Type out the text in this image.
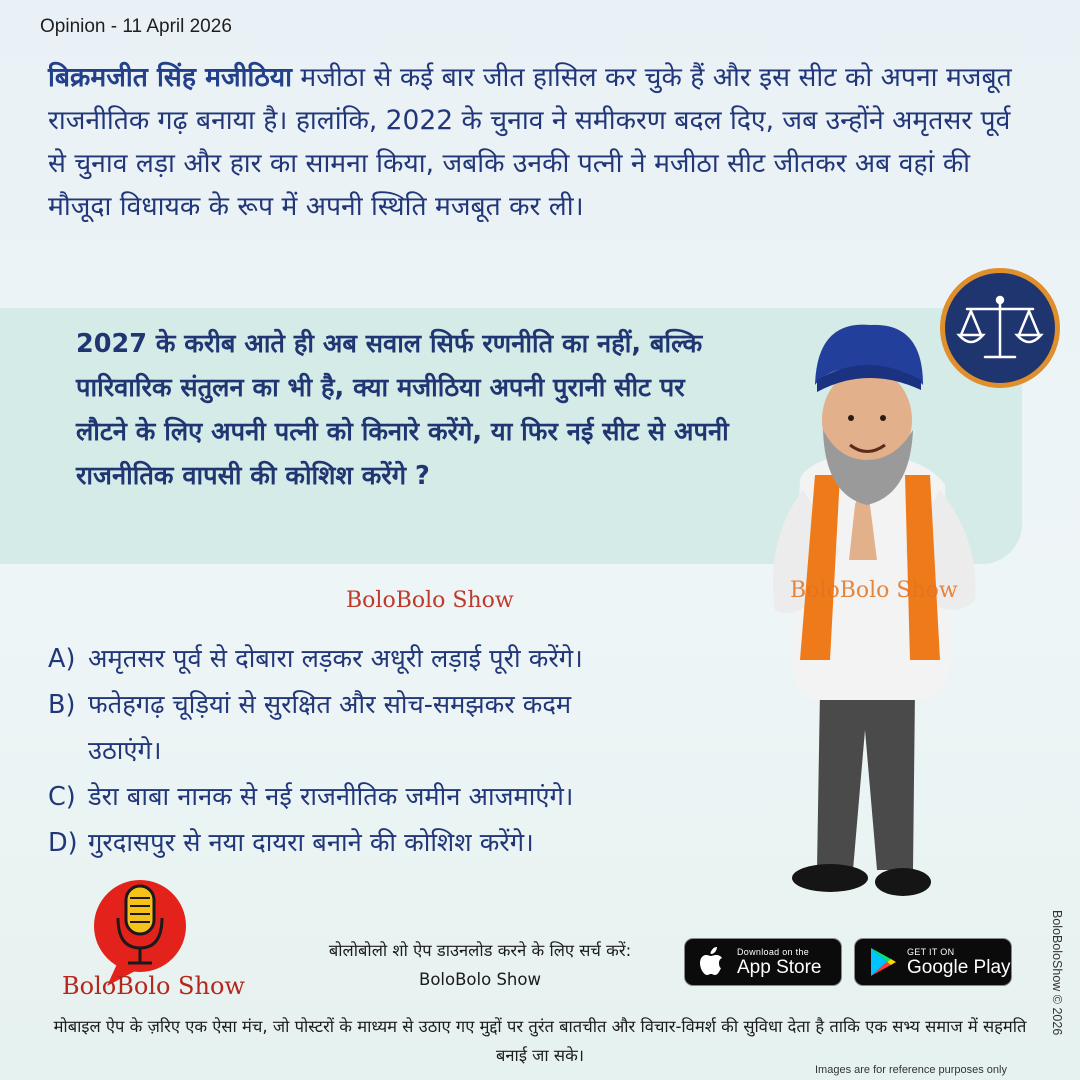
Opinion - 11 April 2026
बिक्रमजीत सिंह मजीठिया मजीठा से कई बार जीत हासिल कर चुके हैं और इस सीट को अपना मजबूत राजनीतिक गढ़ बनाया है। हालांकि, 2022 के चुनाव ने समीकरण बदल दिए, जब उन्होंने अमृतसर पूर्व से चुनाव लड़ा और हार का सामना किया, जबकि उनकी पत्नी ने मजीठा सीट जीतकर अब वहां की मौजूदा विधायक के रूप में अपनी स्थिति मजबूत कर ली।
2027 के करीब आते ही अब सवाल सिर्फ रणनीति का नहीं, बल्कि पारिवारिक संतुलन का भी है, क्या मजीठिया अपनी पुरानी सीट पर लौटने के लिए अपनी पत्नी को किनारे करेंगे, या फिर नई सीट से अपनी राजनीतिक वापसी की कोशिश करेंगे ?
BoloBolo Show
BoloBolo Show
A) अमृतसर पूर्व से दोबारा लड़कर अधूरी लड़ाई पूरी करेंगे।
B) फतेहगढ़ चूड़ियां से सुरक्षित और सोच-समझकर कदम उठाएंगे।
C) डेरा बाबा नानक से नई राजनीतिक जमीन आजमाएंगे।
D) गुरदासपुर से नया दायरा बनाने की कोशिश करेंगे।
BoloBolo Show
बोलोबोलो शो ऐप डाउनलोड करने के लिए सर्च करें:
BoloBolo Show
Download on the
App Store
GET IT ON
Google Play
मोबाइल ऐप के ज़रिए एक ऐसा मंच, जो पोस्टरों के माध्यम से उठाए गए मुद्दों पर तुरंत बातचीत और विचार-विमर्श की सुविधा देता है ताकि एक सभ्य समाज में सहमति बनाई जा सके।
BoloBoloShow © 2026
Images are for reference purposes only
